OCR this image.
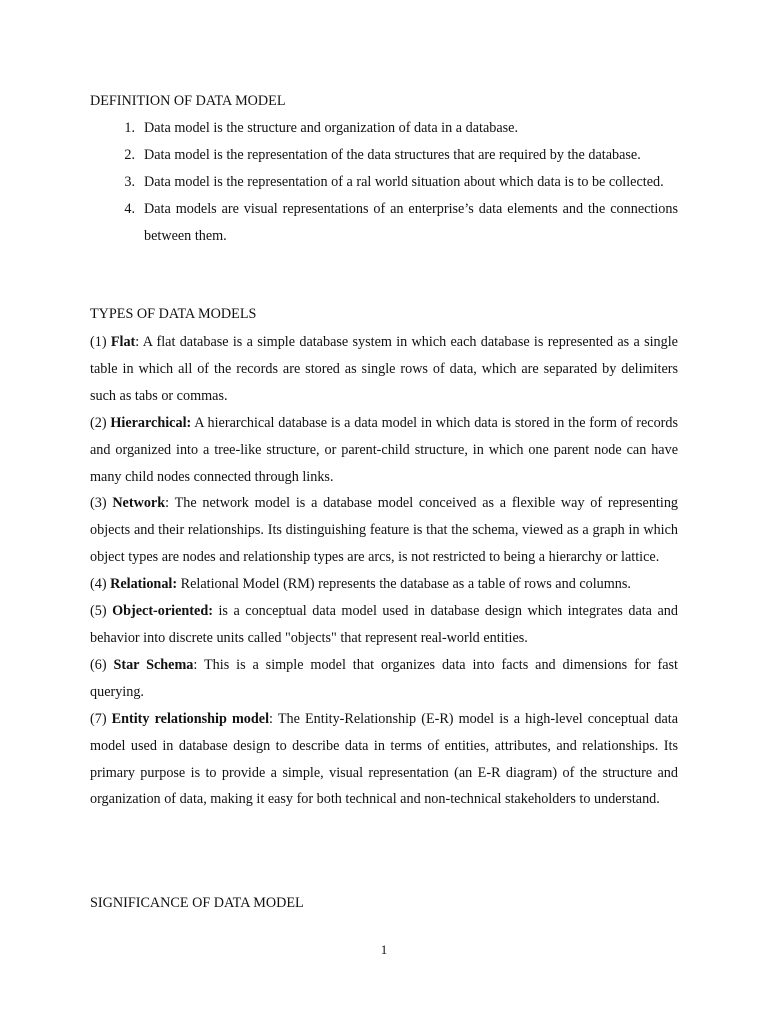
DEFINITION OF DATA MODEL
1. Data model is the structure and organization of data in a database.
2. Data model is the representation of the data structures that are required by the database.
3. Data model is the representation of a ral world situation about which data is to be collected.
4. Data models are visual representations of an enterprise’s data elements and the connections between them.
TYPES OF DATA MODELS

(1) Flat: A flat database is a simple database system in which each database is represented as a single table in which all of the records are stored as single rows of data, which are separated by delimiters such as tabs or commas.

(2) Hierarchical: A hierarchical database is a data model in which data is stored in the form of records and organized into a tree-like structure, or parent-child structure, in which one parent node can have many child nodes connected through links.

(3) Network: The network model is a database model conceived as a flexible way of representing objects and their relationships. Its distinguishing feature is that the schema, viewed as a graph in which object types are nodes and relationship types are arcs, is not restricted to being a hierarchy or lattice.

(4) Relational: Relational Model (RM) represents the database as a table of rows and columns.

(5) Object-oriented: is a conceptual data model used in database design which integrates data and behavior into discrete units called "objects" that represent real-world entities.

(6) Star Schema: This is a simple model that organizes data into facts and dimensions for fast querying.

(7) Entity relationship model: The Entity-Relationship (E-R) model is a high-level conceptual data model used in database design to describe data in terms of entities, attributes, and relationships. Its primary purpose is to provide a simple, visual representation (an E-R diagram) of the structure and organization of data, making it easy for both technical and non-technical stakeholders to understand.

SIGNIFICANCE OF DATA MODEL
1
